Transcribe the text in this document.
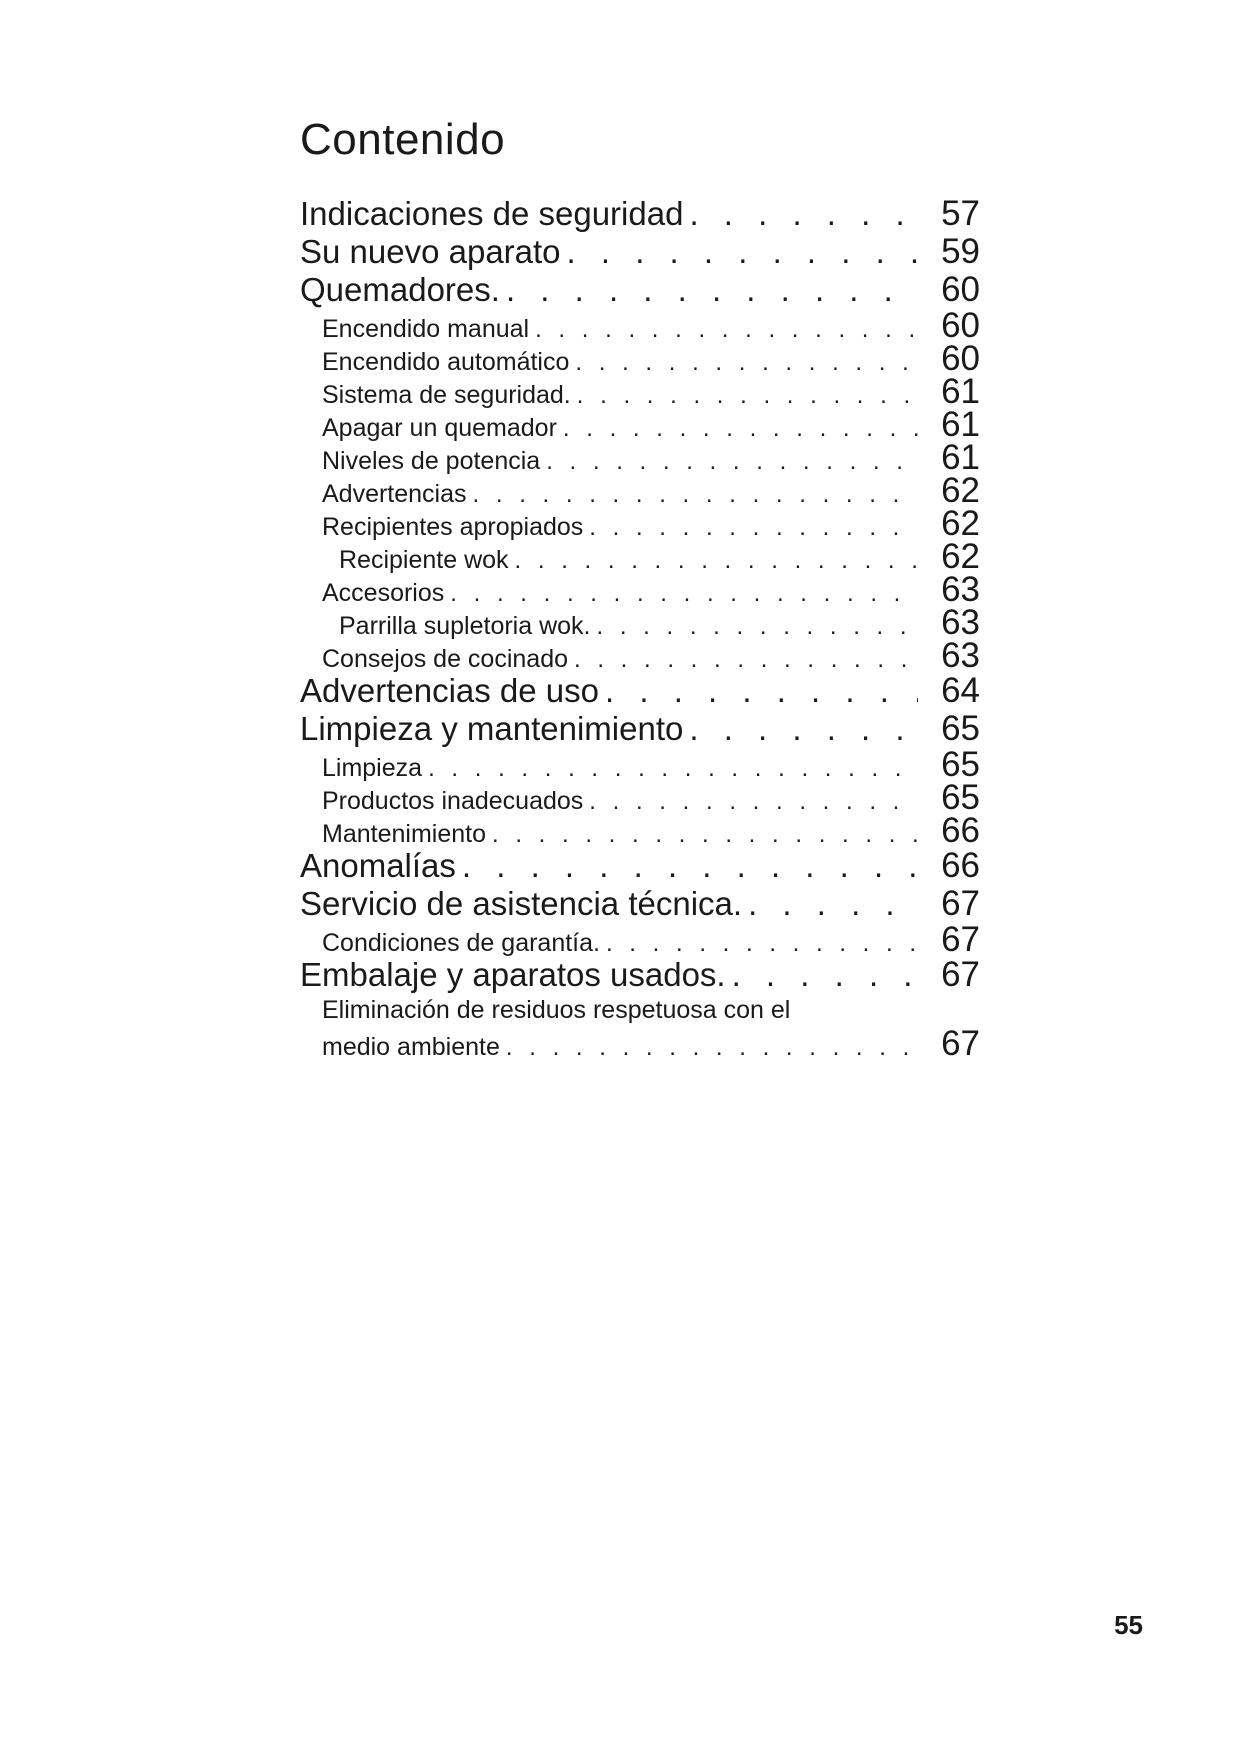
Contenido
Indicaciones de seguridad . . .	57
Su nuevo aparato . . .	59
Quemadores. . . .	60
Encendido manual . . .	60
Encendido automático . . .	60
Sistema de seguridad. . . .	61
Apagar un quemador . . .	61
Niveles de potencia . . .	61
Advertencias . . .	62
Recipientes apropiados . . .	62
Recipiente wok . . .	62
Accesorios . . .	63
Parrilla supletoria wok. . . .	63
Consejos de cocinado . . .	63
Advertencias de uso . . .	64
Limpieza y mantenimiento . . .	65
Limpieza . . .	65
Productos inadecuados . . .	65
Mantenimiento . . .	66
Anomalías . . .	66
Servicio de asistencia técnica. . . .	67
Condiciones de garantía. . . .	67
Embalaje y aparatos usados. . . .	67
Eliminación de residuos respetuosa con el
medio ambiente . . .	67
55
